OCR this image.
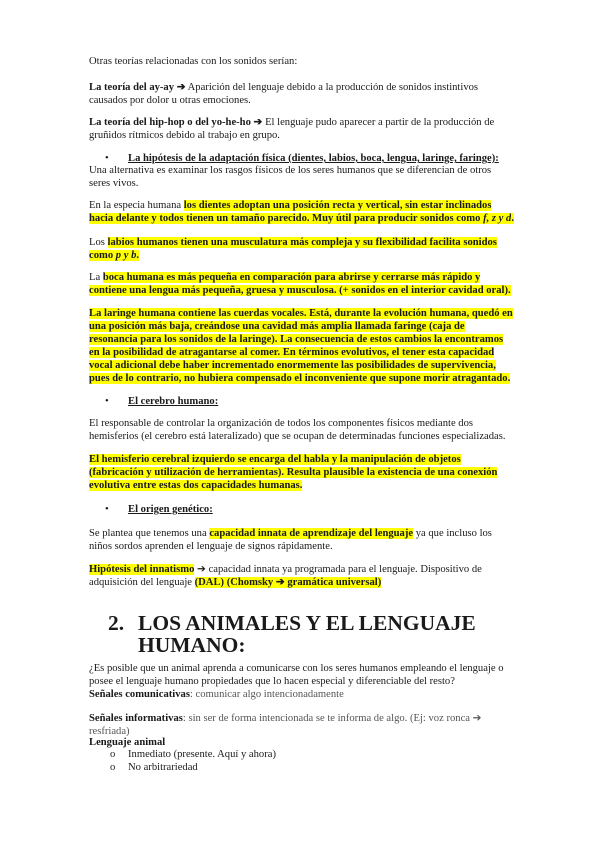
Otras teorías relacionadas con los sonidos serían:

La teoría del ay-ay ➔ Aparición del lenguaje debido a la producción de sonidos instintivos causados por dolor u otras emociones.

La teoría del hip-hop o del yo-he-ho ➔ El lenguaje pudo aparecer a partir de la producción de gruñidos rítmicos debido al trabajo en grupo.

• La hipótesis de la adaptación física (dientes, labios, boca, lengua, laringe, faringe):

Una alternativa es examinar los rasgos físicos de los seres humanos que se diferencian de otros seres vivos.

En la especia humana los dientes adoptan una posición recta y vertical, sin estar inclinados hacia delante y todos tienen un tamaño parecido. Muy útil para producir sonidos como f, z y d.

Los labios humanos tienen una musculatura más compleja y su flexibilidad facilita sonidos como p y b.

La boca humana es más pequeña en comparación para abrirse y cerrarse más rápido y contiene una lengua más pequeña, gruesa y musculosa. (+ sonidos en el interior cavidad oral).

La laringe humana contiene las cuerdas vocales. Está, durante la evolución humana, quedó en una posición más baja, creándose una cavidad más amplia llamada faringe (caja de resonancia para los sonidos de la laringe). La consecuencia de estos cambios la encontramos en la posibilidad de atragantarse al comer. En términos evolutivos, el tener esta capacidad vocal adicional debe haber incrementado enormemente las posibilidades de supervivencia, pues de lo contrario, no hubiera compensado el inconveniente que supone morir atragantado.

• El cerebro humano:

El responsable de controlar la organización de todos los componentes físicos mediante dos hemisferios (el cerebro está lateralizado) que se ocupan de determinadas funciones especializadas.

El hemisferio cerebral izquierdo se encarga del habla y la manipulación de objetos (fabricación y utilización de herramientas). Resulta plausible la existencia de una conexión evolutiva entre estas dos capacidades humanas.

• El origen genético:

Se plantea que tenemos una capacidad innata de aprendizaje del lenguaje ya que incluso los niños sordos aprenden el lenguaje de signos rápidamente.

Hipótesis del innatismo ➔ capacidad innata ya programada para el lenguaje. Dispositivo de adquisición del lenguaje (DAL) (Chomsky ➔ gramática universal)

2. LOS ANIMALES Y EL LENGUAJE HUMANO:

¿Es posible que un animal aprenda a comunicarse con los seres humanos empleando el lenguaje o posee el lenguaje humano propiedades que lo hacen especial y diferenciable del resto?
Señales comunicativas: comunicar algo intencionadamente

Señales informativas: sin ser de forma intencionada se te informa de algo. (Ej: voz ronca ➔ resfriada)

Lenguaje animal

o Inmediato (presente. Aquí y ahora)
o No arbitrariedad
